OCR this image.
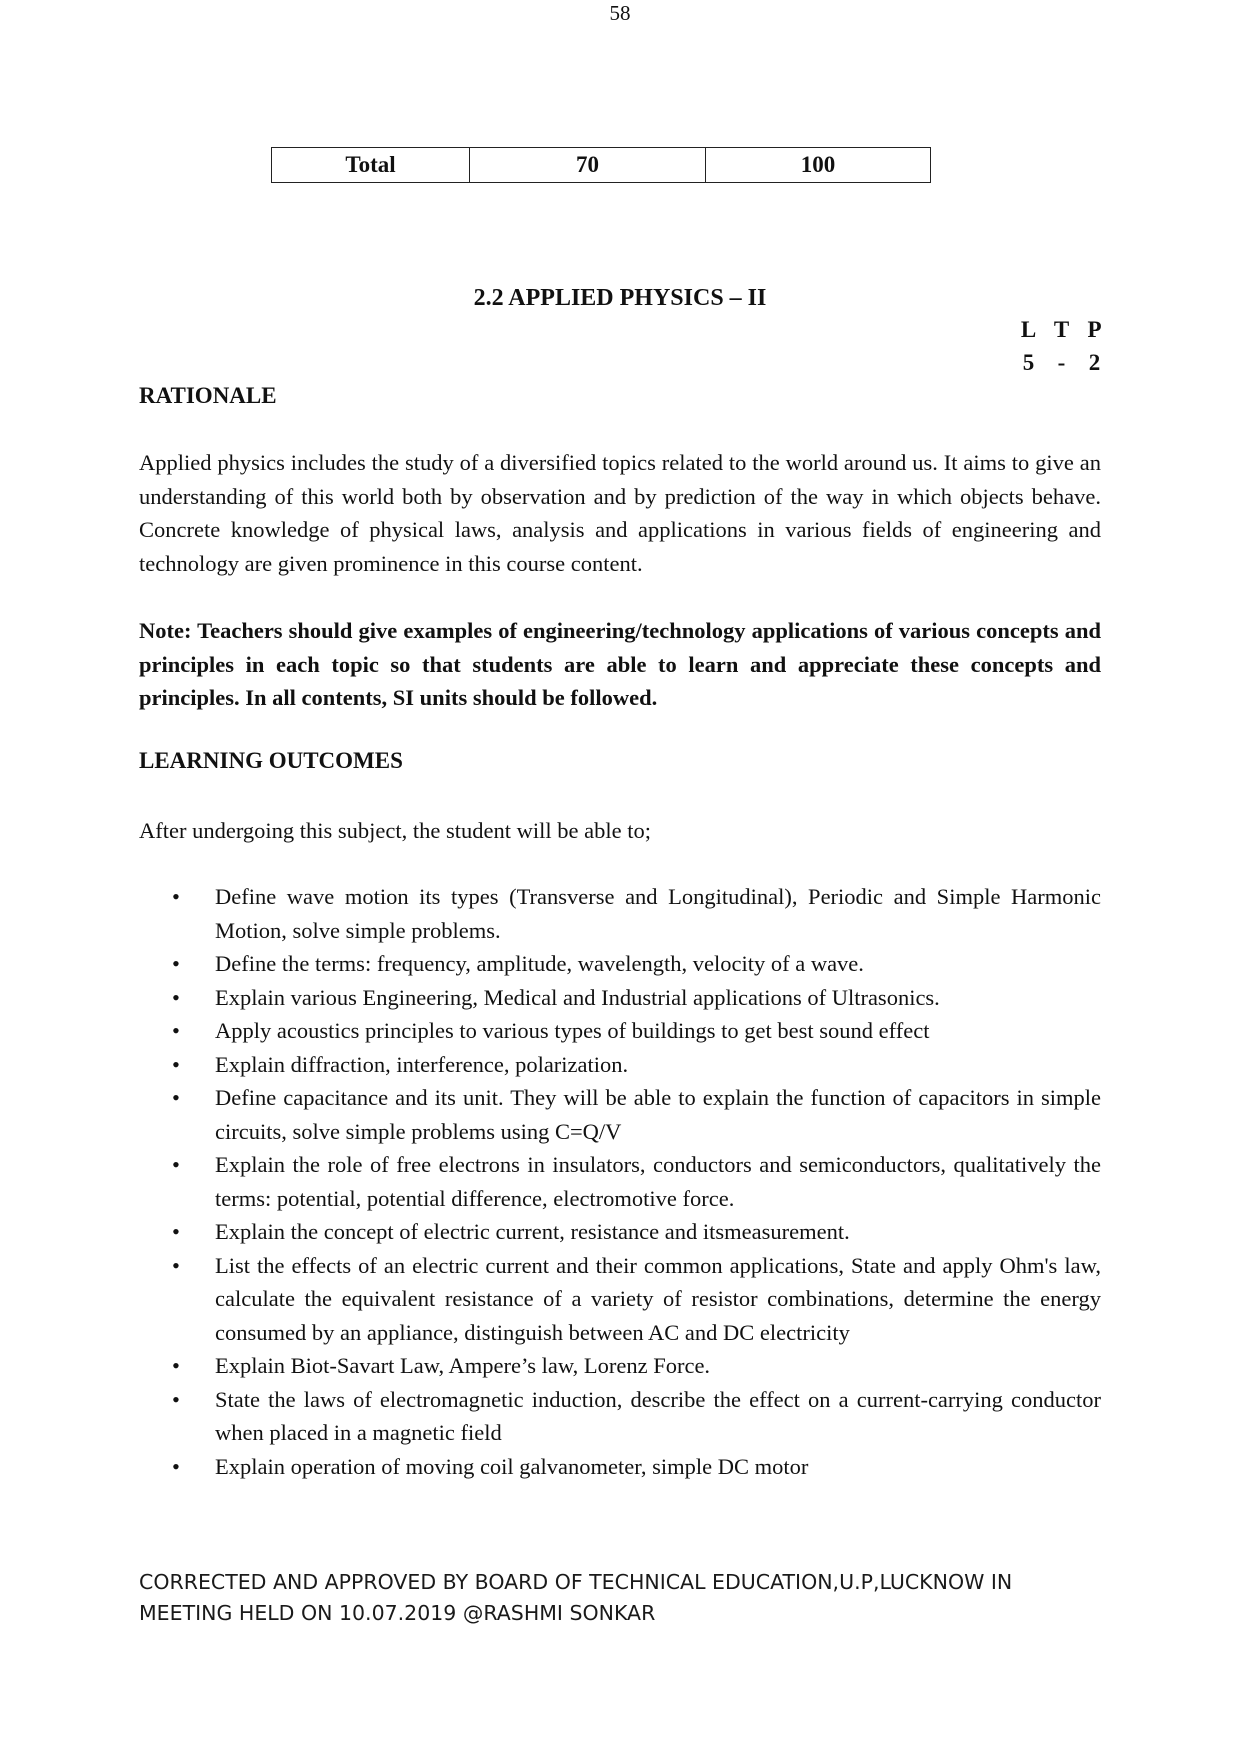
58
Total	70	100
2.2 APPLIED PHYSICS – II
L T P
5	-	2
RATIONALE

Applied physics includes the study of a diversified topics related to the world around us. It aims to give an understanding of this world both by observation and by prediction of the way in which objects behave. Concrete knowledge of physical laws, analysis and applications in various fields of engineering and technology are given prominence in this course content.

Note: Teachers should give examples of engineering/technology applications of various concepts and principles in each topic so that students are able to learn and appreciate these concepts and principles. In all contents, SI units should be followed.

LEARNING OUTCOMES

After undergoing this subject, the student will be able to;

• Define wave motion its types (Transverse and Longitudinal), Periodic and Simple Harmonic Motion, solve simple problems.
• Define the terms: frequency, amplitude, wavelength, velocity of a wave.
• Explain various Engineering, Medical and Industrial applications of Ultrasonics.
• Apply acoustics principles to various types of buildings to get best sound effect
• Explain diffraction, interference, polarization.
• Define capacitance and its unit. They will be able to explain the function of capacitors in simple circuits, solve simple problems using C=Q/V
• Explain the role of free electrons in insulators, conductors and semiconductors, qualitatively the terms: potential, potential difference, electromotive force.
• Explain the concept of electric current, resistance and itsmeasurement.
• List the effects of an electric current and their common applications, State and apply Ohm's law, calculate the equivalent resistance of a variety of resistor combinations, determine the energy consumed by an appliance, distinguish between AC and DC electricity
• Explain Biot-Savart Law, Ampere’s law, Lorenz Force.
• State the laws of electromagnetic induction, describe the effect on a current-carrying conductor when placed in a magnetic field
• Explain operation of moving coil galvanometer, simple DC motor
CORRECTED AND APPROVED BY BOARD OF TECHNICAL EDUCATION,U.P,LUCKNOW IN
MEETING HELD ON 10.07.2019 @RASHMI SONKAR
